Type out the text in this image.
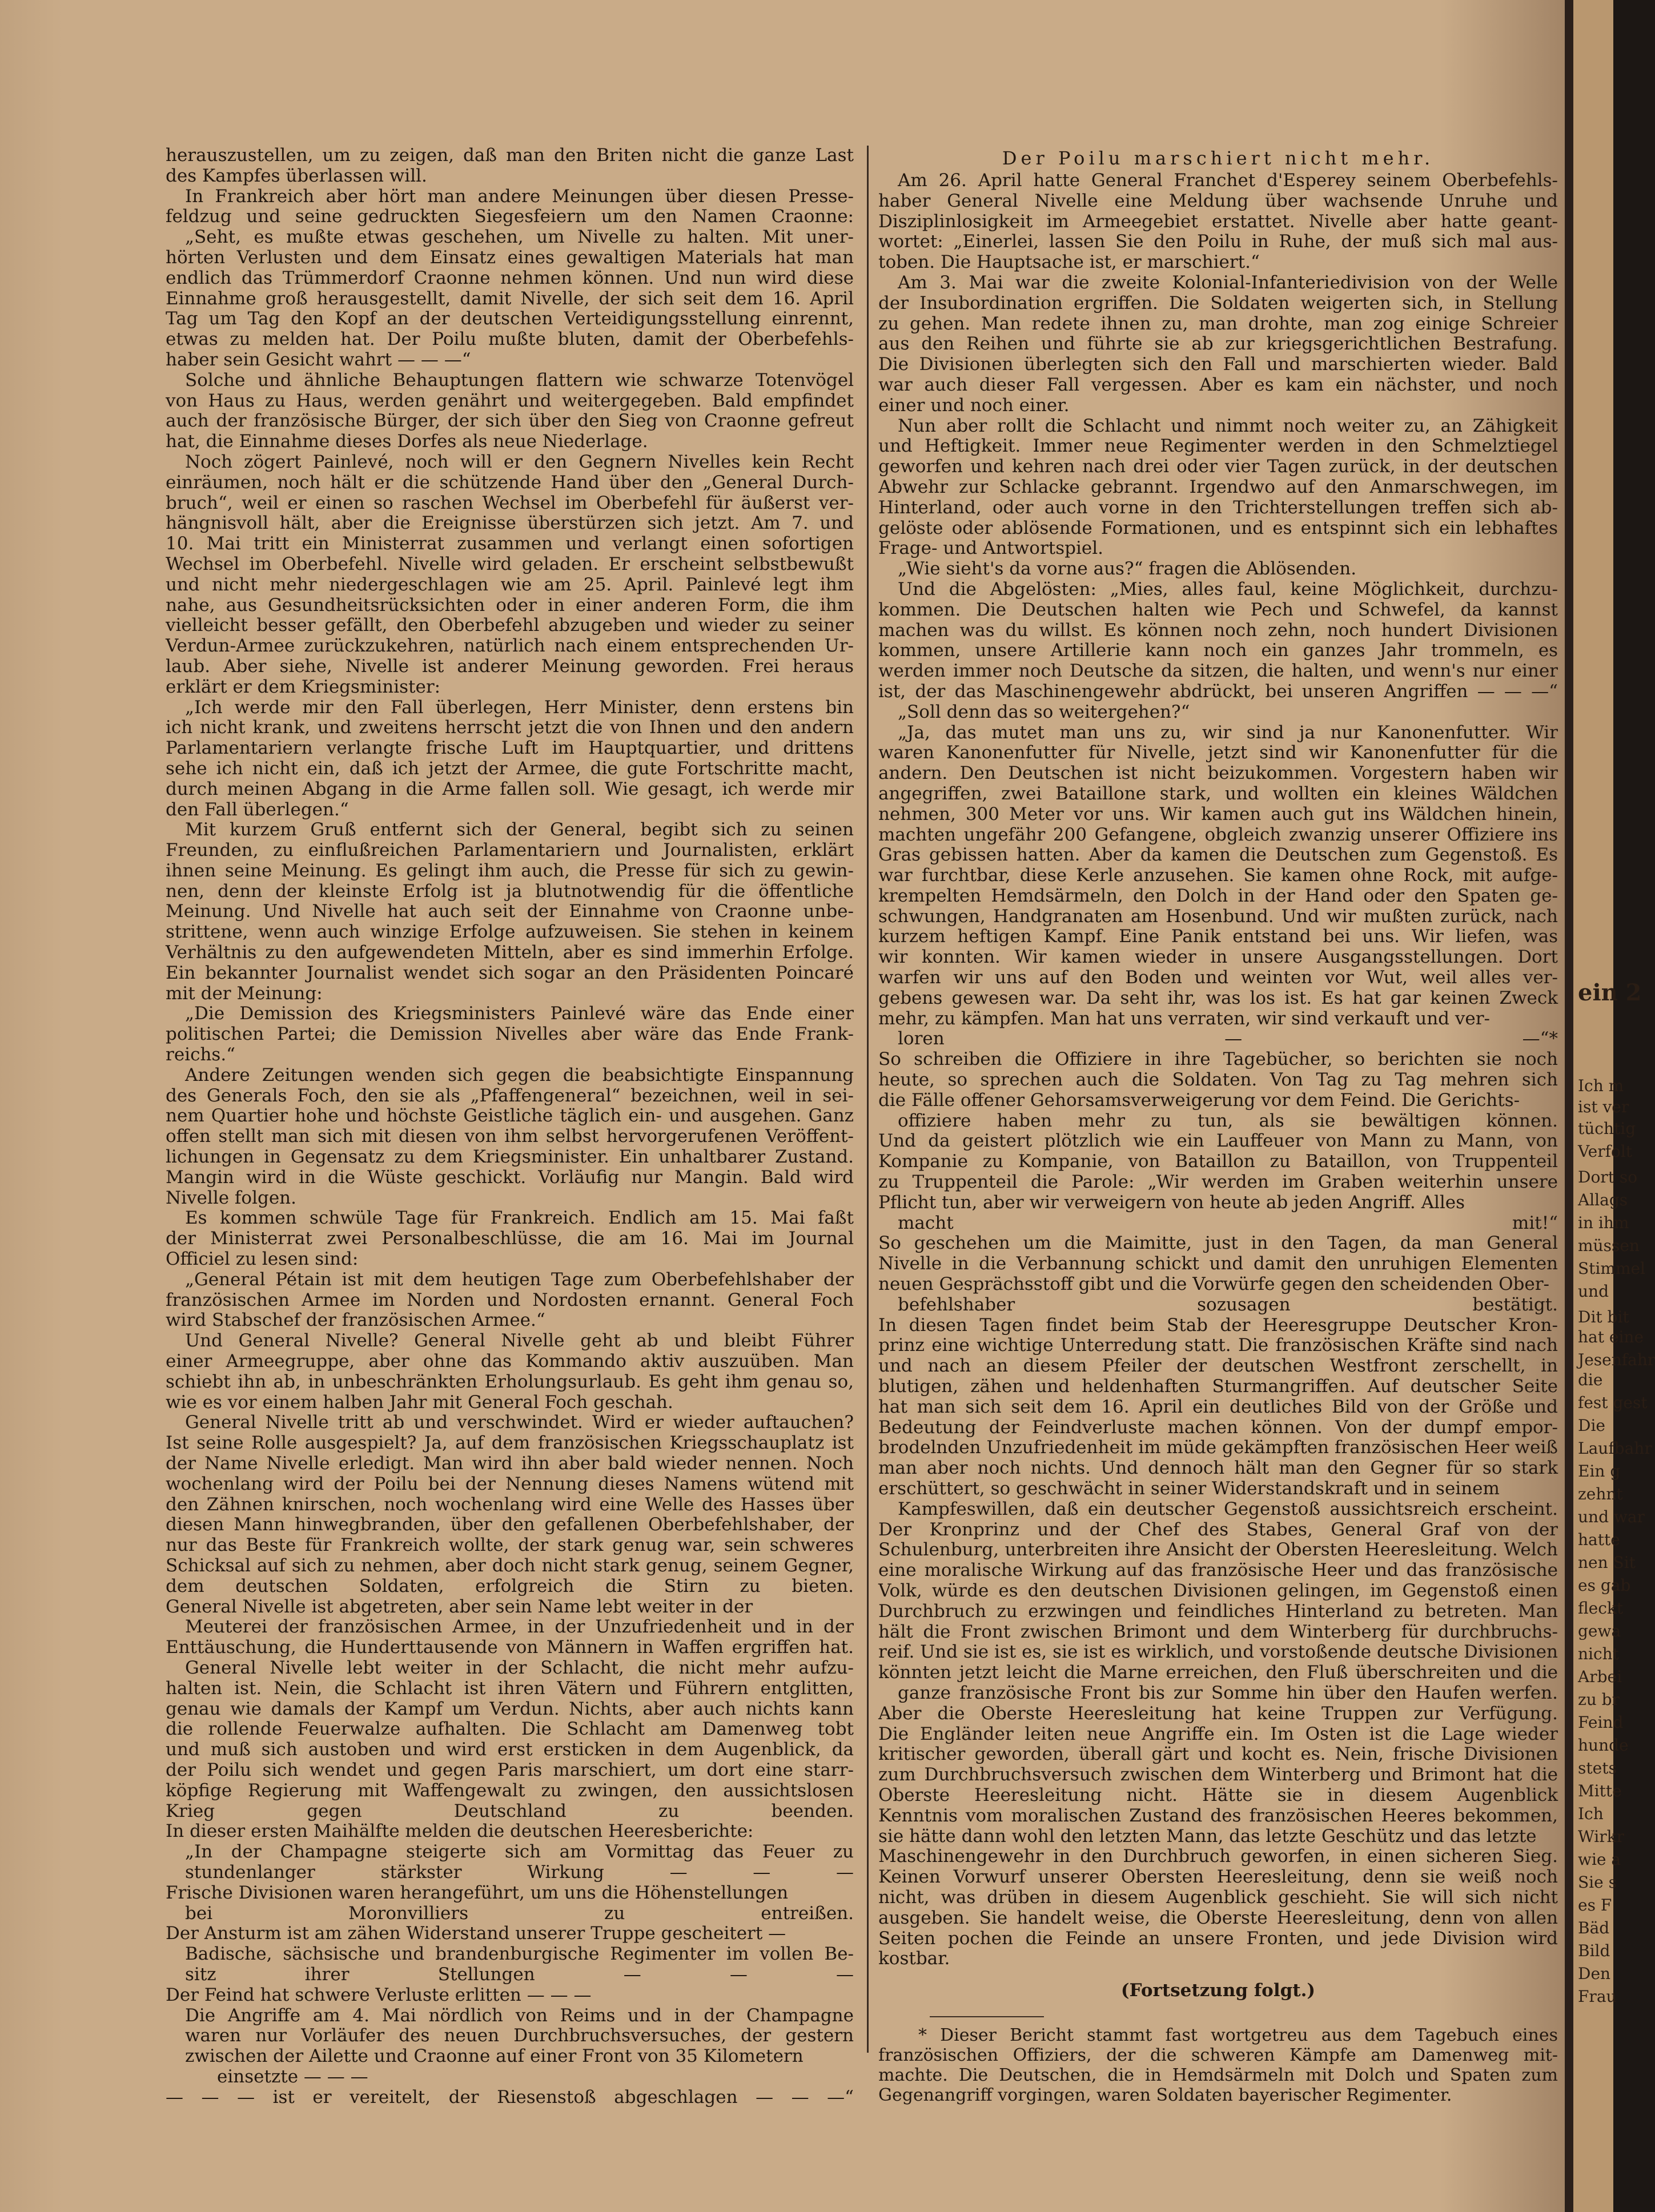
herauszustellen, um zu zeigen, daß man den Briten nicht die ganze Last
des Kampfes überlassen will.
In Frankreich aber hört man andere Meinungen über diesen Presse-
feldzug und seine gedruckten Siegesfeiern um den Namen Craonne:
„Seht, es mußte etwas geschehen, um Nivelle zu halten. Mit uner-
hörten Verlusten und dem Einsatz eines gewaltigen Materials hat man
endlich das Trümmerdorf Craonne nehmen können. Und nun wird diese
Einnahme groß herausgestellt, damit Nivelle, der sich seit dem 16. April
Tag um Tag den Kopf an der deutschen Verteidigungsstellung einrennt,
etwas zu melden hat. Der Poilu mußte bluten, damit der Oberbefehls-
haber sein Gesicht wahrt — — —“
Solche und ähnliche Behauptungen flattern wie schwarze Totenvögel
von Haus zu Haus, werden genährt und weitergegeben. Bald empfindet
auch der französische Bürger, der sich über den Sieg von Craonne gefreut
hat, die Einnahme dieses Dorfes als neue Niederlage.
Noch zögert Painlevé, noch will er den Gegnern Nivelles kein Recht
einräumen, noch hält er die schützende Hand über den „General Durch-
bruch“, weil er einen so raschen Wechsel im Oberbefehl für äußerst ver-
hängnisvoll hält, aber die Ereignisse überstürzen sich jetzt. Am 7. und
10. Mai tritt ein Ministerrat zusammen und verlangt einen sofortigen
Wechsel im Oberbefehl. Nivelle wird geladen. Er erscheint selbstbewußt
und nicht mehr niedergeschlagen wie am 25. April. Painlevé legt ihm
nahe, aus Gesundheitsrücksichten oder in einer anderen Form, die ihm
vielleicht besser gefällt, den Oberbefehl abzugeben und wieder zu seiner
Verdun-Armee zurückzukehren, natürlich nach einem entsprechenden Ur-
laub. Aber siehe, Nivelle ist anderer Meinung geworden. Frei heraus
erklärt er dem Kriegsminister:
„Ich werde mir den Fall überlegen, Herr Minister, denn erstens bin
ich nicht krank, und zweitens herrscht jetzt die von Ihnen und den andern
Parlamentariern verlangte frische Luft im Hauptquartier, und drittens
sehe ich nicht ein, daß ich jetzt der Armee, die gute Fortschritte macht,
durch meinen Abgang in die Arme fallen soll. Wie gesagt, ich werde mir
den Fall überlegen.“
Mit kurzem Gruß entfernt sich der General, begibt sich zu seinen
Freunden, zu einflußreichen Parlamentariern und Journalisten, erklärt
ihnen seine Meinung. Es gelingt ihm auch, die Presse für sich zu gewin-
nen, denn der kleinste Erfolg ist ja blutnotwendig für die öffentliche
Meinung. Und Nivelle hat auch seit der Einnahme von Craonne unbe-
strittene, wenn auch winzige Erfolge aufzuweisen. Sie stehen in keinem
Verhältnis zu den aufgewendeten Mitteln, aber es sind immerhin Erfolge.
Ein bekannter Journalist wendet sich sogar an den Präsidenten Poincaré
mit der Meinung:
„Die Demission des Kriegsministers Painlevé wäre das Ende einer
politischen Partei; die Demission Nivelles aber wäre das Ende Frank-
reichs.“
Andere Zeitungen wenden sich gegen die beabsichtigte Einspannung
des Generals Foch, den sie als „Pfaffengeneral“ bezeichnen, weil in sei-
nem Quartier hohe und höchste Geistliche täglich ein- und ausgehen. Ganz
offen stellt man sich mit diesen von ihm selbst hervorgerufenen Veröffent-
lichungen in Gegensatz zu dem Kriegsminister. Ein unhaltbarer Zustand.
Mangin wird in die Wüste geschickt. Vorläufig nur Mangin. Bald wird
Nivelle folgen.
Es kommen schwüle Tage für Frankreich. Endlich am 15. Mai faßt
der Ministerrat zwei Personalbeschlüsse, die am 16. Mai im Journal
Officiel zu lesen sind:
„General Pétain ist mit dem heutigen Tage zum Oberbefehlshaber der
französischen Armee im Norden und Nordosten ernannt. General Foch
wird Stabschef der französischen Armee.“
Und General Nivelle? General Nivelle geht ab und bleibt Führer
einer Armeegruppe, aber ohne das Kommando aktiv auszuüben. Man
schiebt ihn ab, in unbeschränkten Erholungsurlaub. Es geht ihm genau so,
wie es vor einem halben Jahr mit General Foch geschah.
General Nivelle tritt ab und verschwindet. Wird er wieder auftauchen?
Ist seine Rolle ausgespielt? Ja, auf dem französischen Kriegsschauplatz ist
der Name Nivelle erledigt. Man wird ihn aber bald wieder nennen. Noch
wochenlang wird der Poilu bei der Nennung dieses Namens wütend mit
den Zähnen knirschen, noch wochenlang wird eine Welle des Hasses über
diesen Mann hinwegbranden, über den gefallenen Oberbefehlshaber, der
nur das Beste für Frankreich wollte, der stark genug war, sein schweres
Schicksal auf sich zu nehmen, aber doch nicht stark genug, seinem Gegner,
dem deutschen Soldaten, erfolgreich die Stirn zu bieten.
General Nivelle ist abgetreten, aber sein Name lebt weiter in der
Meuterei der französischen Armee, in der Unzufriedenheit und in der
Enttäuschung, die Hunderttausende von Männern in Waffen ergriffen hat.
General Nivelle lebt weiter in der Schlacht, die nicht mehr aufzu-
halten ist. Nein, die Schlacht ist ihren Vätern und Führern entglitten,
genau wie damals der Kampf um Verdun. Nichts, aber auch nichts kann
die rollende Feuerwalze aufhalten. Die Schlacht am Damenweg tobt
und muß sich austoben und wird erst ersticken in dem Augenblick, da
der Poilu sich wendet und gegen Paris marschiert, um dort eine starr-
köpfige Regierung mit Waffengewalt zu zwingen, den aussichtslosen
Krieg gegen Deutschland zu beenden.
In dieser ersten Maihälfte melden die deutschen Heeresberichte:
„In der Champagne steigerte sich am Vormittag das Feuer zu
stundenlanger stärkster Wirkung — — —
Frische Divisionen waren herangeführt, um uns die Höhenstellungen
bei Moronvilliers zu entreißen.
Der Ansturm ist am zähen Widerstand unserer Truppe gescheitert —
Badische, sächsische und brandenburgische Regimenter im vollen Be-
sitz ihrer Stellungen — — —
Der Feind hat schwere Verluste erlitten — — —
Die Angriffe am 4. Mai nördlich von Reims und in der Champagne
waren nur Vorläufer des neuen Durchbruchsversuches, der gestern
zwischen der Ailette und Craonne auf einer Front von 35 Kilometern
einsetzte — — —
— — — ist er vereitelt, der Riesenstoß abgeschlagen — — —“
Der Poilu marschiert nicht mehr.
Am 26. April hatte General Franchet d'Esperey seinem Oberbefehls-
haber General Nivelle eine Meldung über wachsende Unruhe und
Disziplinlosigkeit im Armeegebiet erstattet. Nivelle aber hatte geant-
wortet: „Einerlei, lassen Sie den Poilu in Ruhe, der muß sich mal aus-
toben. Die Hauptsache ist, er marschiert.“
Am 3. Mai war die zweite Kolonial-Infanteriedivision von der Welle
der Insubordination ergriffen. Die Soldaten weigerten sich, in Stellung
zu gehen. Man redete ihnen zu, man drohte, man zog einige Schreier
aus den Reihen und führte sie ab zur kriegsgerichtlichen Bestrafung.
Die Divisionen überlegten sich den Fall und marschierten wieder. Bald
war auch dieser Fall vergessen. Aber es kam ein nächster, und noch
einer und noch einer.
Nun aber rollt die Schlacht und nimmt noch weiter zu, an Zähigkeit
und Heftigkeit. Immer neue Regimenter werden in den Schmelztiegel
geworfen und kehren nach drei oder vier Tagen zurück, in der deutschen
Abwehr zur Schlacke gebrannt. Irgendwo auf den Anmarschwegen, im
Hinterland, oder auch vorne in den Trichterstellungen treffen sich ab-
gelöste oder ablösende Formationen, und es entspinnt sich ein lebhaftes
Frage- und Antwortspiel.
„Wie sieht's da vorne aus?“ fragen die Ablösenden.
Und die Abgelösten: „Mies, alles faul, keine Möglichkeit, durchzu-
kommen. Die Deutschen halten wie Pech und Schwefel, da kannst
machen was du willst. Es können noch zehn, noch hundert Divisionen
kommen, unsere Artillerie kann noch ein ganzes Jahr trommeln, es
werden immer noch Deutsche da sitzen, die halten, und wenn's nur einer
ist, der das Maschinengewehr abdrückt, bei unseren Angriffen — — —“
„Soll denn das so weitergehen?“
„Ja, das mutet man uns zu, wir sind ja nur Kanonenfutter. Wir
waren Kanonenfutter für Nivelle, jetzt sind wir Kanonenfutter für die
andern. Den Deutschen ist nicht beizukommen. Vorgestern haben wir
angegriffen, zwei Bataillone stark, und wollten ein kleines Wäldchen
nehmen, 300 Meter vor uns. Wir kamen auch gut ins Wäldchen hinein,
machten ungefähr 200 Gefangene, obgleich zwanzig unserer Offiziere ins
Gras gebissen hatten. Aber da kamen die Deutschen zum Gegenstoß. Es
war furchtbar, diese Kerle anzusehen. Sie kamen ohne Rock, mit aufge-
krempelten Hemdsärmeln, den Dolch in der Hand oder den Spaten ge-
schwungen, Handgranaten am Hosenbund. Und wir mußten zurück, nach
kurzem heftigen Kampf. Eine Panik entstand bei uns. Wir liefen, was
wir konnten. Wir kamen wieder in unsere Ausgangsstellungen. Dort
warfen wir uns auf den Boden und weinten vor Wut, weil alles ver-
gebens gewesen war. Da seht ihr, was los ist. Es hat gar keinen Zweck
mehr, zu kämpfen. Man hat uns verraten, wir sind verkauft und ver-
loren — —“*
So schreiben die Offiziere in ihre Tagebücher, so berichten sie noch
heute, so sprechen auch die Soldaten. Von Tag zu Tag mehren sich
die Fälle offener Gehorsamsverweigerung vor dem Feind. Die Gerichts-
offiziere haben mehr zu tun, als sie bewältigen können.
Und da geistert plötzlich wie ein Lauffeuer von Mann zu Mann, von
Kompanie zu Kompanie, von Bataillon zu Bataillon, von Truppenteil
zu Truppenteil die Parole: „Wir werden im Graben weiterhin unsere
Pflicht tun, aber wir verweigern von heute ab jeden Angriff. Alles
macht mit!“
So geschehen um die Maimitte, just in den Tagen, da man General
Nivelle in die Verbannung schickt und damit den unruhigen Elementen
neuen Gesprächsstoff gibt und die Vorwürfe gegen den scheidenden Ober-
befehlshaber sozusagen bestätigt.
In diesen Tagen findet beim Stab der Heeresgruppe Deutscher Kron-
prinz eine wichtige Unterredung statt. Die französischen Kräfte sind nach
und nach an diesem Pfeiler der deutschen Westfront zerschellt, in
blutigen, zähen und heldenhaften Sturmangriffen. Auf deutscher Seite
hat man sich seit dem 16. April ein deutliches Bild von der Größe und
Bedeutung der Feindverluste machen können. Von der dumpf empor-
brodelnden Unzufriedenheit im müde gekämpften französischen Heer weiß
man aber noch nichts. Und dennoch hält man den Gegner für so stark
erschüttert, so geschwächt in seiner Widerstandskraft und in seinem
Kampfeswillen, daß ein deutscher Gegenstoß aussichtsreich erscheint.
Der Kronprinz und der Chef des Stabes, General Graf von der
Schulenburg, unterbreiten ihre Ansicht der Obersten Heeresleitung. Welch
eine moralische Wirkung auf das französische Heer und das französische
Volk, würde es den deutschen Divisionen gelingen, im Gegenstoß einen
Durchbruch zu erzwingen und feindliches Hinterland zu betreten. Man
hält die Front zwischen Brimont und dem Winterberg für durchbruchs-
reif. Und sie ist es, sie ist es wirklich, und vorstoßende deutsche Divisionen
könnten jetzt leicht die Marne erreichen, den Fluß überschreiten und die
ganze französische Front bis zur Somme hin über den Haufen werfen.
Aber die Oberste Heeresleitung hat keine Truppen zur Verfügung.
Die Engländer leiten neue Angriffe ein. Im Osten ist die Lage wieder
kritischer geworden, überall gärt und kocht es. Nein, frische Divisionen
zum Durchbruchsversuch zwischen dem Winterberg und Brimont hat die
Oberste Heeresleitung nicht. Hätte sie in diesem Augenblick
Kenntnis vom moralischen Zustand des französischen Heeres bekommen,
sie hätte dann wohl den letzten Mann, das letzte Geschütz und das letzte
Maschinengewehr in den Durchbruch geworfen, in einen sicheren Sieg.
Keinen Vorwurf unserer Obersten Heeresleitung, denn sie weiß noch
nicht, was drüben in diesem Augenblick geschieht. Sie will sich nicht
ausgeben. Sie handelt weise, die Oberste Heeresleitung, denn von allen
Seiten pochen die Feinde an unsere Fronten, und jede Division wird
kostbar.
(Fortsetzung folgt.)
* Dieser Bericht stammt fast wortgetreu aus dem Tagebuch eines
französischen Offiziers, der die schweren Kämpfe am Damenweg mit-
machte. Die Deutschen, die in Hemdsärmeln mit Dolch und Spaten zum
Gegenangriff vorgingen, waren Soldaten bayerischer Regimenter.
ein 2
Ich m
ist ver
tüchtig
Verfolt
Dort so
Allags
in ihm
müssen
Stimmel
und
Dit bit
hat eine
Jesenfahr
die
fest gest
Die
Laufbahr
Ein g
zehnt
und war
hatte
nen Sit
es gab
fleckt
gewa
nicht
Arbei
zu br
Feind
hunde
stets
Mitte
Ich
Wirkr
wie a
Sie s
es F
Bäd
Bild
Den
Frau
